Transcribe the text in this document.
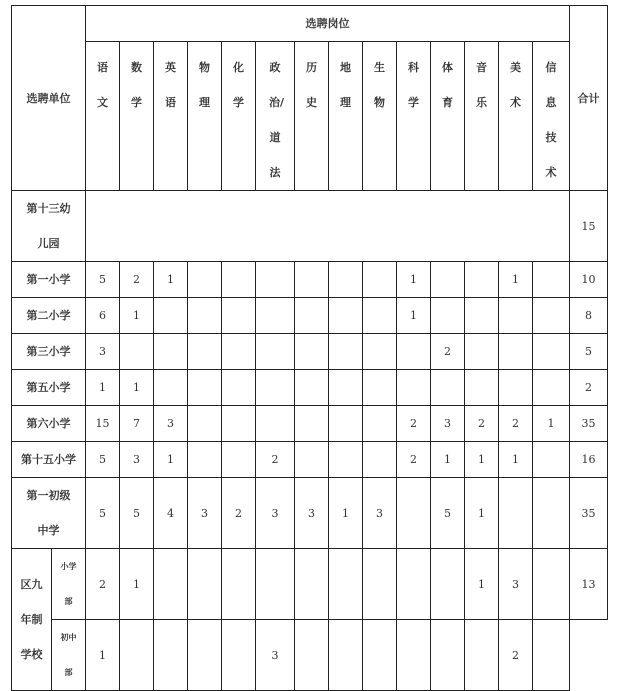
选聘单位		选聘岗位														合计

		语文	数学	英语	物理	化学	政治/道法	历史	地理	生物	科学	体育	音乐	美术	信息技术	

第十三幼儿园																15
第一小学		5	2	1							1			1		10
第二小学		6	1								1					8
第三小学		3										2				5
第五小学		1	1													2
第六小学		15	7	3							2	3	2	2	1	35
第十五小学		5	3	1			2				2	1	1	1		16
第一初级中学		5	5	4	3	2	3	3	1	3		5	1			35

区九年制学校	小学部	2	1										1	3		13

	初中部	1					3							2		
